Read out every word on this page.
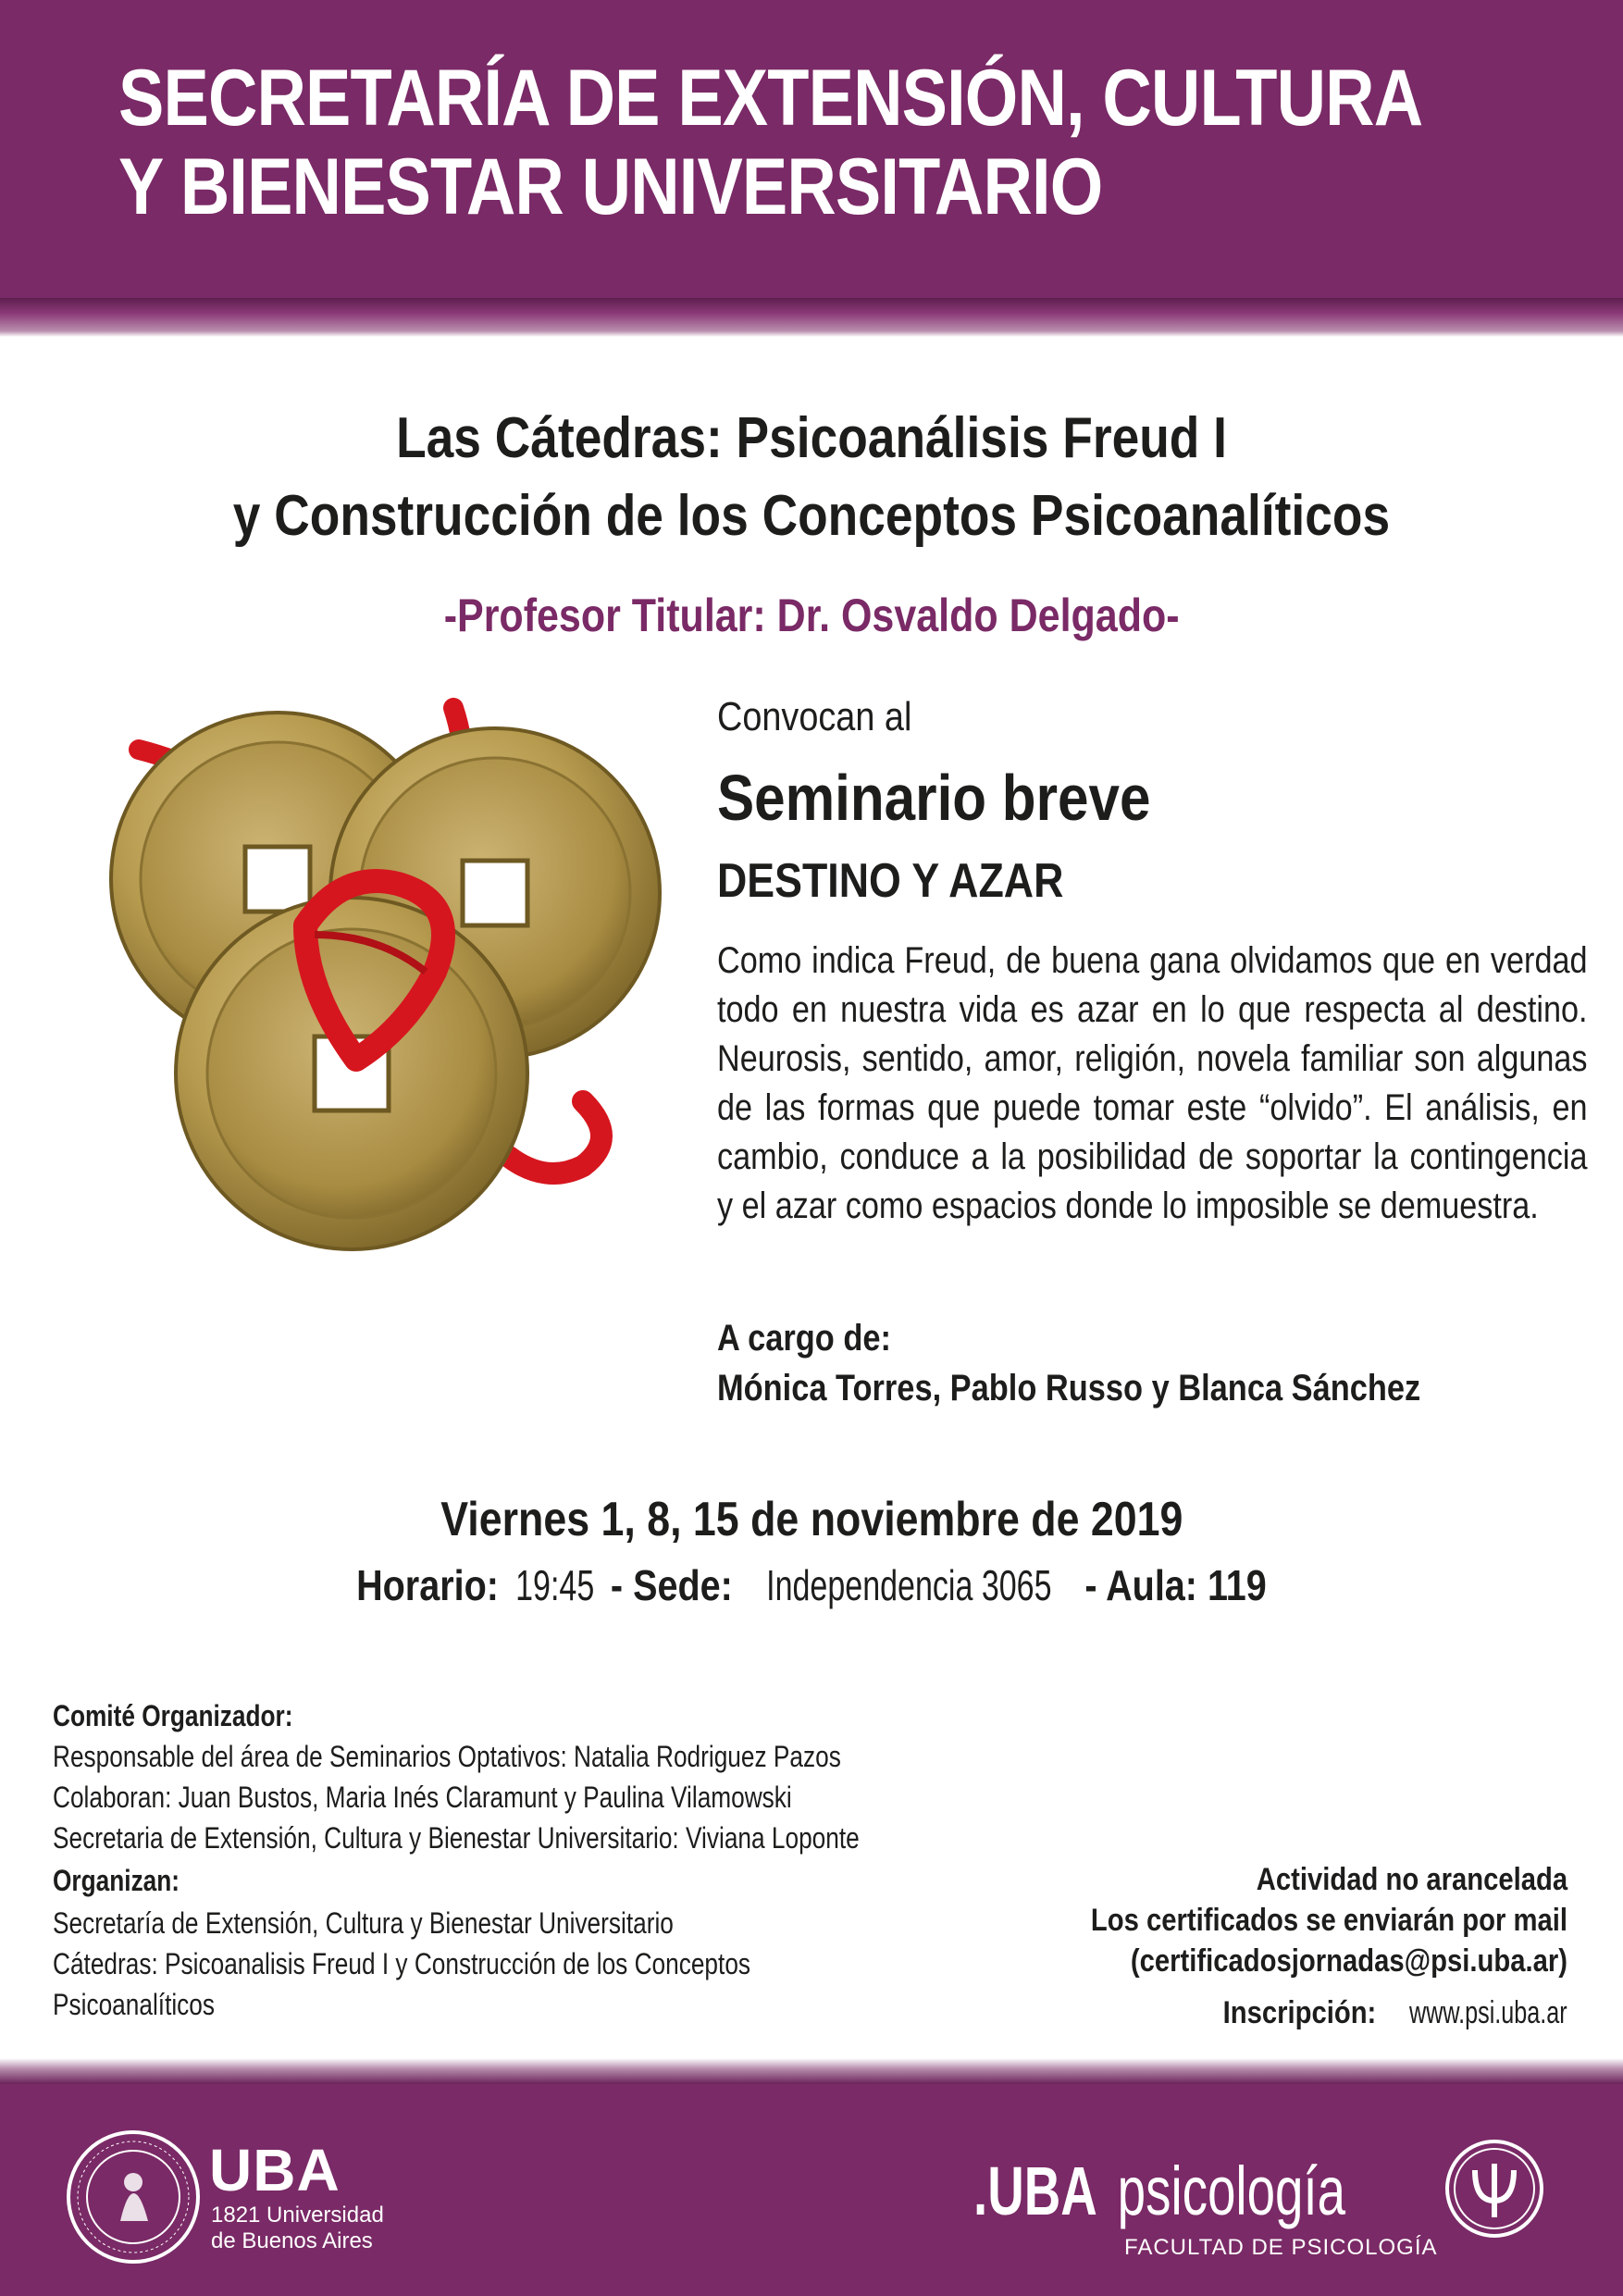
SECRETARÍA DE EXTENSIÓN, CULTURA
Y BIENESTAR UNIVERSITARIO
Las Cátedras: Psicoanálisis Freud I
y Construcción de los Conceptos Psicoanalíticos
-Profesor Titular: Dr. Osvaldo Delgado-
Convocan al
Seminario breve
DESTINO Y AZAR
Como indica Freud, de buena gana olvidamos que en verdad todo en nuestra vida es azar en lo que respecta al destino. Neurosis, sentido, amor, religión, novela familiar son algunas de las formas que puede tomar este “olvido”. El análisis, en cambio, conduce a la posibilidad de soportar la contingencia y el azar como espacios donde lo imposible se demuestra.
A cargo de:
Mónica Torres, Pablo Russo y Blanca Sánchez
Viernes 1, 8, 15 de noviembre de 2019
Horario: 19:45 - Sede: Independencia 3065 - Aula: 119
Comité Organizador:
Responsable del área de Seminarios Optativos: Natalia Rodriguez Pazos
Colaboran: Juan Bustos, Maria Inés Claramunt y Paulina Vilamowski
Secretaria de Extensión, Cultura y Bienestar Universitario: Viviana Lopontе
Organizan:
Secretaría de Extensión, Cultura y Bienestar Universitario
Cátedras: Psicoanalisis Freud I y Construcción de los Conceptos
Psicoanalíticos
Actividad no arancelada
Los certificados se enviarán por mail
(certificadosjornadas@psi.uba.ar)
Inscripción: www.psi.uba.ar
UBA
1821 Universidad
de Buenos Aires
.UBA psicología
FACULTAD DE PSICOLOGÍA
